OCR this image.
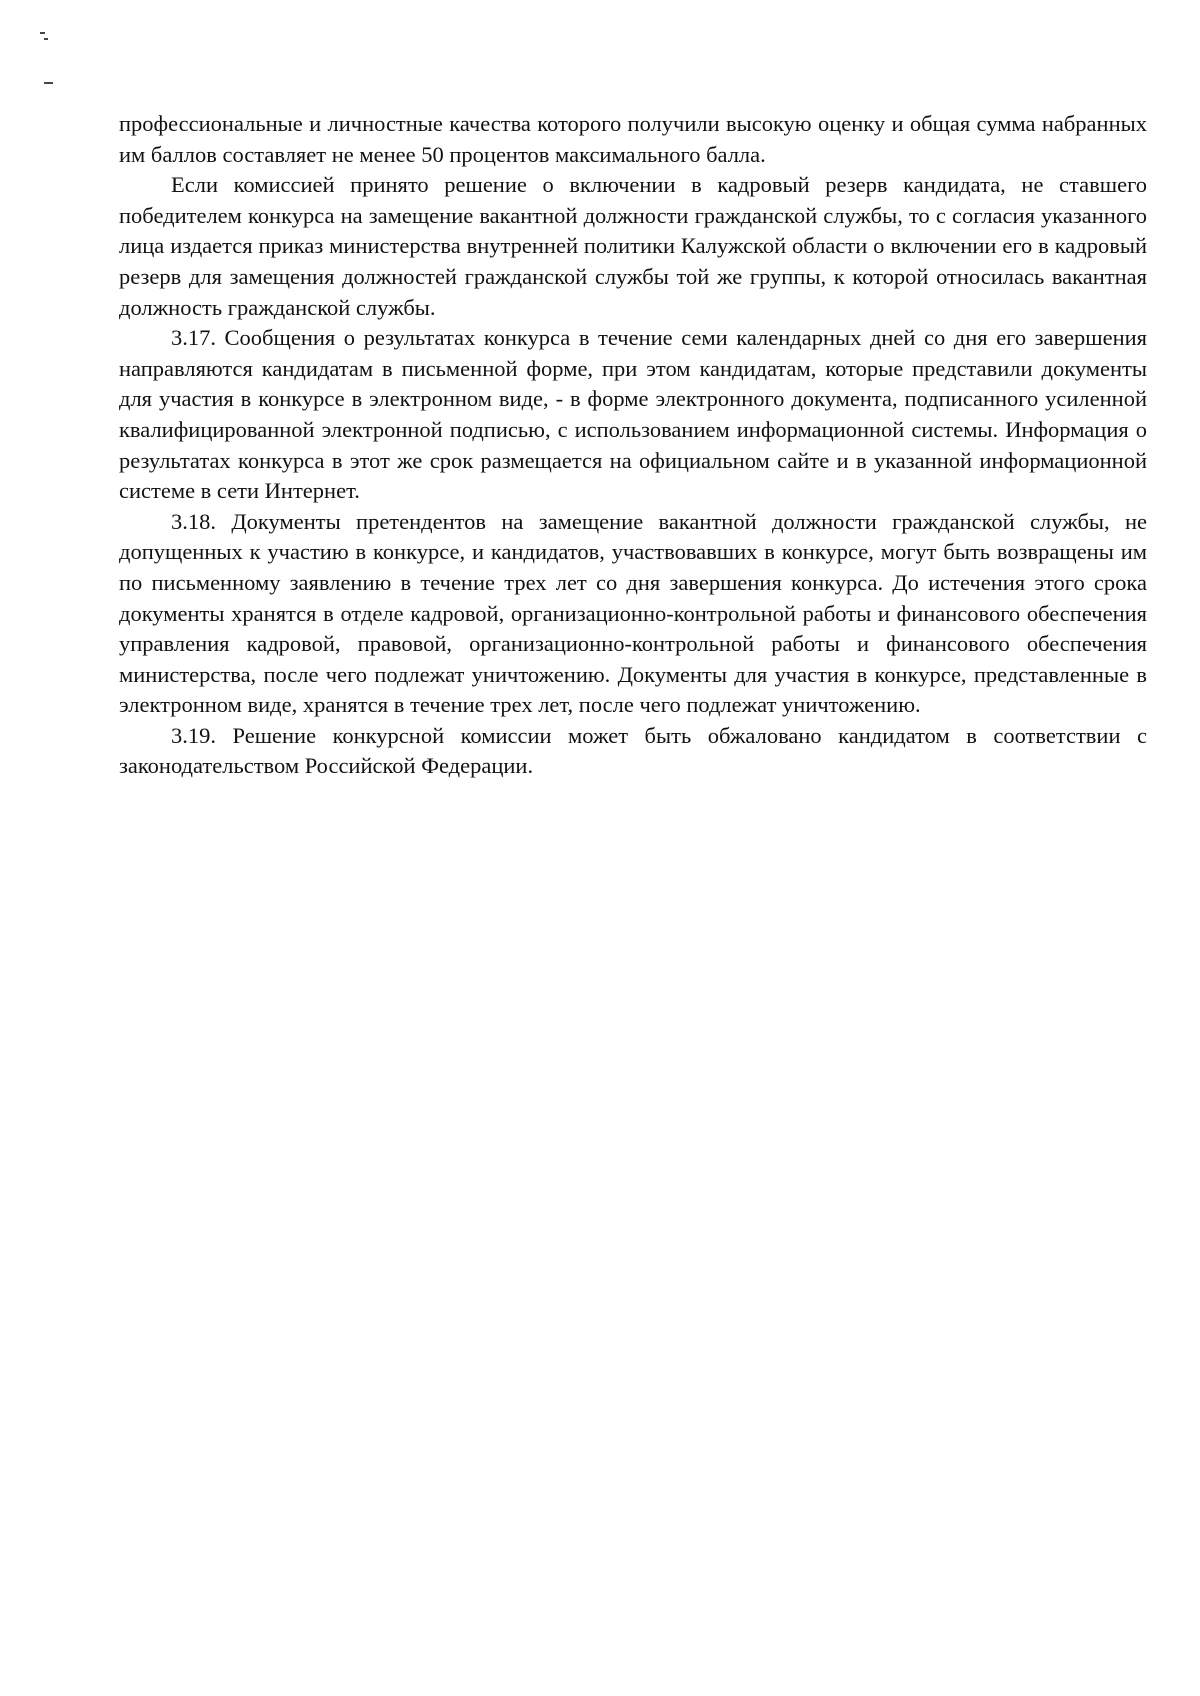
профессиональные и личностные качества которого получили высокую оценку и общая сумма набранных им баллов составляет не менее 50 процентов максимального балла.

Если комиссией принято решение о включении в кадровый резерв кандидата, не ставшего победителем конкурса на замещение вакантной должности гражданской службы, то с согласия указанного лица издается приказ министерства внутренней политики Калужской области о включении его в кадровый резерв для замещения должностей гражданской службы той же группы, к которой относилась вакантная должность гражданской службы.

3.17. Сообщения о результатах конкурса в течение семи календарных дней со дня его завершения направляются кандидатам в письменной форме, при этом кандидатам, которые представили документы для участия в конкурсе в электронном виде, - в форме электронного документа, подписанного усиленной квалифицированной электронной подписью, с использованием информационной системы. Информация о результатах конкурса в этот же срок размещается на официальном сайте и в указанной информационной системе в сети Интернет.

3.18. Документы претендентов на замещение вакантной должности гражданской службы, не допущенных к участию в конкурсе, и кандидатов, участвовавших в конкурсе, могут быть возвращены им по письменному заявлению в течение трех лет со дня завершения конкурса. До истечения этого срока документы хранятся в отделе кадровой, организационно-контрольной работы и финансового обеспечения управления кадровой, правовой, организационно-контрольной работы и финансового обеспечения министерства, после чего подлежат уничтожению. Документы для участия в конкурсе, представленные в электронном виде, хранятся в течение трех лет, после чего подлежат уничтожению.

3.19. Решение конкурсной комиссии может быть обжаловано кандидатом в соответствии с законодательством Российской Федерации.
